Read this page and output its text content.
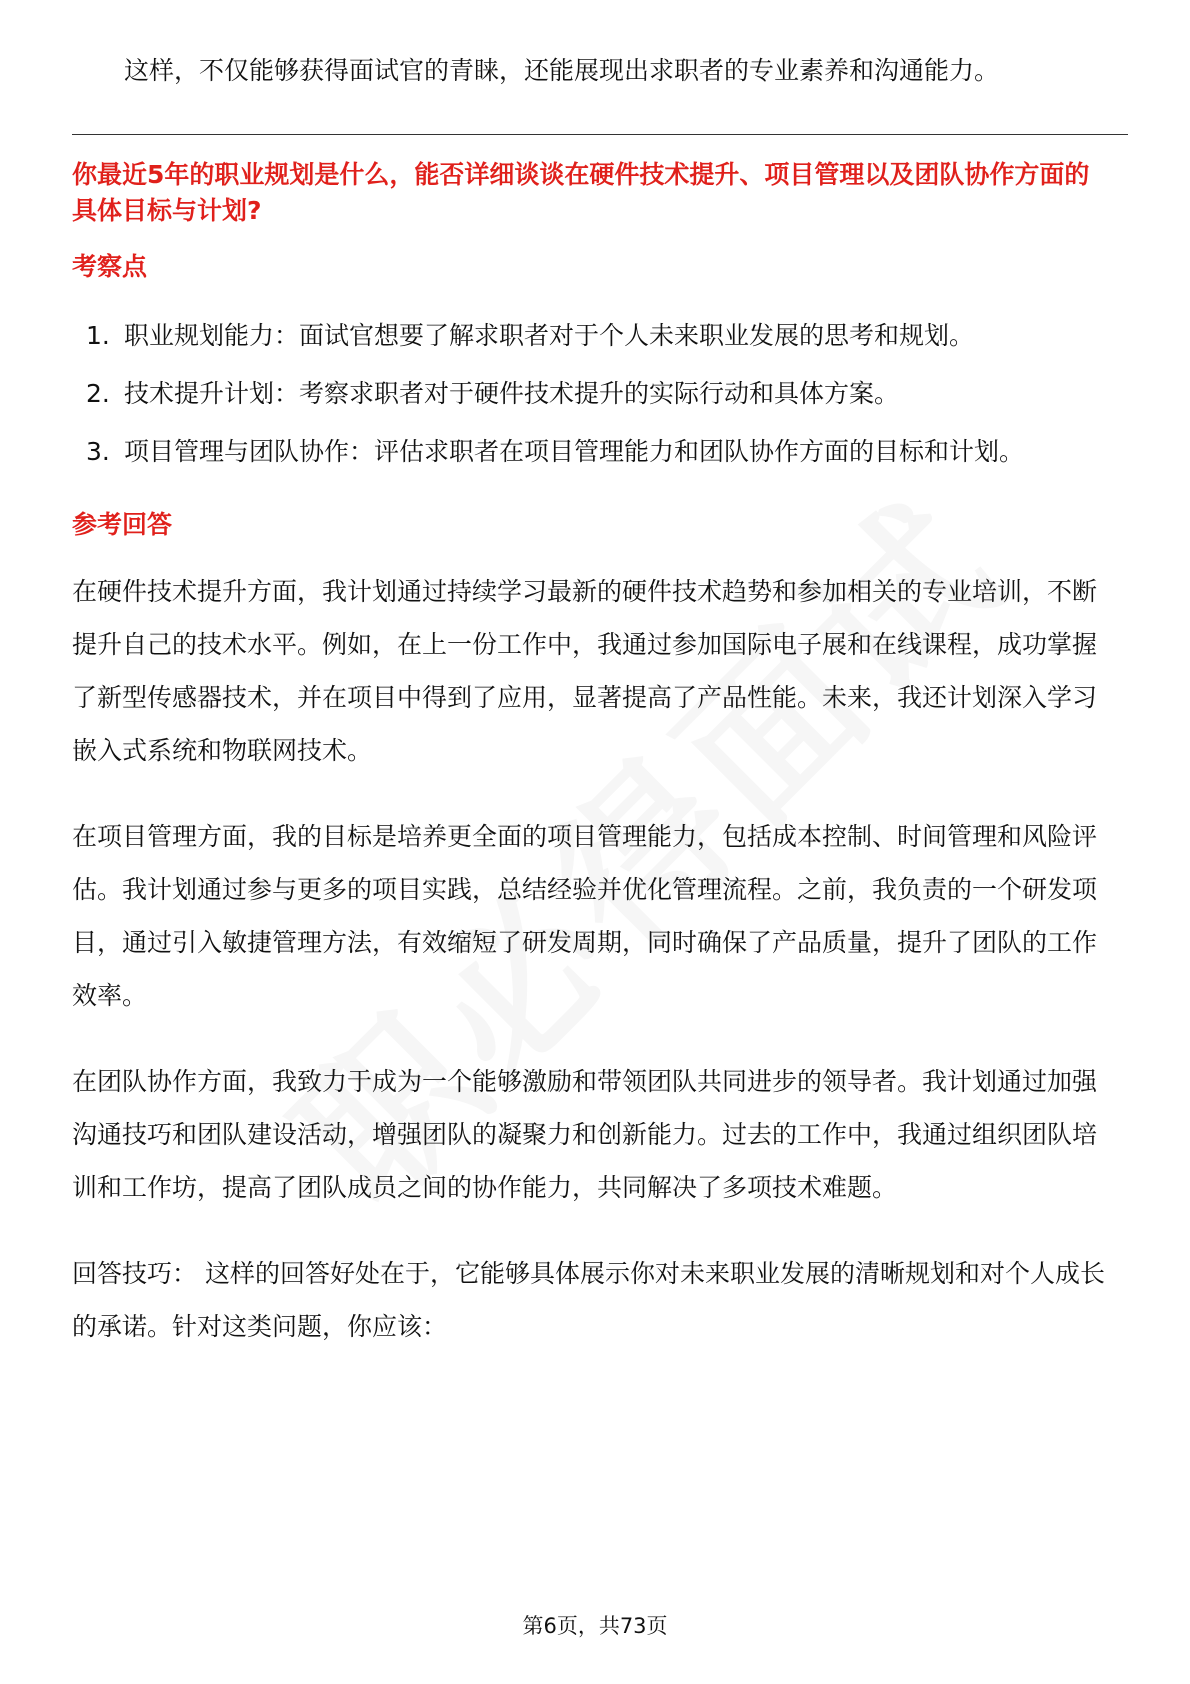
这样，不仅能够获得面试官的青睐，还能展现出求职者的专业素养和沟通能力。

你最近5年的职业规划是什么，能否详细谈谈在硬件技术提升、项目管理以及团队协作方面的具体目标与计划?
考察点
1. 职业规划能力：面试官想要了解求职者对于个人未来职业发展的思考和规划。
2. 技术提升计划：考察求职者对于硬件技术提升的实际行动和具体方案。
3. 项目管理与团队协作：评估求职者在项目管理能力和团队协作方面的目标和计划。
参考回答

在硬件技术提升方面，我计划通过持续学习最新的硬件技术趋势和参加相关的专业培训，不断提升自己的技术水平。例如，在上一份工作中，我通过参加国际电子展和在线课程，成功掌握了新型传感器技术，并在项目中得到了应用，显著提高了产品性能。未来，我还计划深入学习嵌入式系统和物联网技术。

在项目管理方面，我的目标是培养更全面的项目管理能力，包括成本控制、时间管理和风险评估。我计划通过参与更多的项目实践，总结经验并优化管理流程。之前，我负责的一个研发项目，通过引入敏捷管理方法，有效缩短了研发周期，同时确保了产品质量，提升了团队的工作效率。

在团队协作方面，我致力于成为一个能够激励和带领团队共同进步的领导者。我计划通过加强沟通技巧和团队建设活动，增强团队的凝聚力和创新能力。过去的工作中，我通过组织团队培训和工作坊，提高了团队成员之间的协作能力，共同解决了多项技术难题。

回答技巧： 这样的回答好处在于，它能够具体展示你对未来职业发展的清晰规划和对个人成长的承诺。针对这类问题，你应该：

第6页，共73页
